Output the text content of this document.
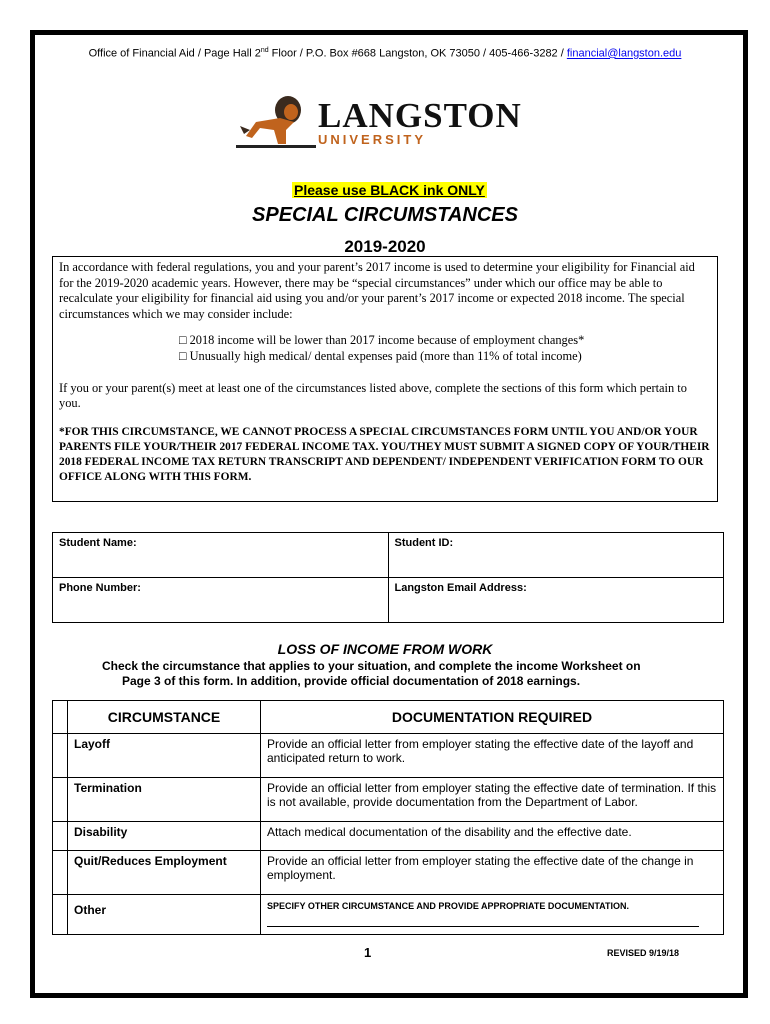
Office of Financial Aid / Page Hall 2nd Floor / P.O. Box #668 Langston, OK 73050 / 405-466-3282 / financial@langston.edu
LANGSTON
UNIVERSITY
Please use BLACK ink ONLY
SPECIAL CIRCUMSTANCES
2019-2020

In accordance with federal regulations, you and your parent’s 2017 income is used to determine your eligibility for Financial aid for the 2019-2020 academic years. However, there may be “special circumstances” under which our office may be able to recalculate your eligibility for financial aid using you and/or your parent’s 2017 income or expected 2018 income. The special circumstances which we may consider include:

□ 2018 income will be lower than 2017 income because of employment changes*
□ Unusually high medical/ dental expenses paid (more than 11% of total income)

If you or your parent(s) meet at least one of the circumstances listed above, complete the sections of this form which pertain to you.

*FOR THIS CIRCUMSTANCE, WE CANNOT PROCESS A SPECIAL CIRCUMSTANCES FORM UNTIL YOU AND/OR YOUR PARENTS FILE YOUR/THEIR 2017 FEDERAL INCOME TAX. YOU/THEY MUST SUBMIT A SIGNED COPY OF YOUR/THEIR 2018 FEDERAL INCOME TAX RETURN TRANSCRIPT AND DEPENDENT/ INDEPENDENT VERIFICATION FORM TO OUR OFFICE ALONG WITH THIS FORM.

Student Name:	Student ID:
Phone Number:	Langston Email Address:
LOSS OF INCOME FROM WORK
Check the circumstance that applies to your situation, and complete the income Worksheet on
Page 3 of this form. In addition, provide official documentation of 2018 earnings.
	CIRCUMSTANCE	DOCUMENTATION REQUIRED
	Layoff	Provide an official letter from employer stating the effective date of the layoff and anticipated return to work.
	Termination	Provide an official letter from employer stating the effective date of termination. If this is not available, provide documentation from the Department of Labor.
	Disability	Attach medical documentation of the disability and the effective date.
	Quit/Reduces Employment	Provide an official letter from employer stating the effective date of the change in employment.
	Other	SPECIFY OTHER CIRCUMSTANCE AND PROVIDE APPROPRIATE DOCUMENTATION.
1	REVISED 9/19/18
